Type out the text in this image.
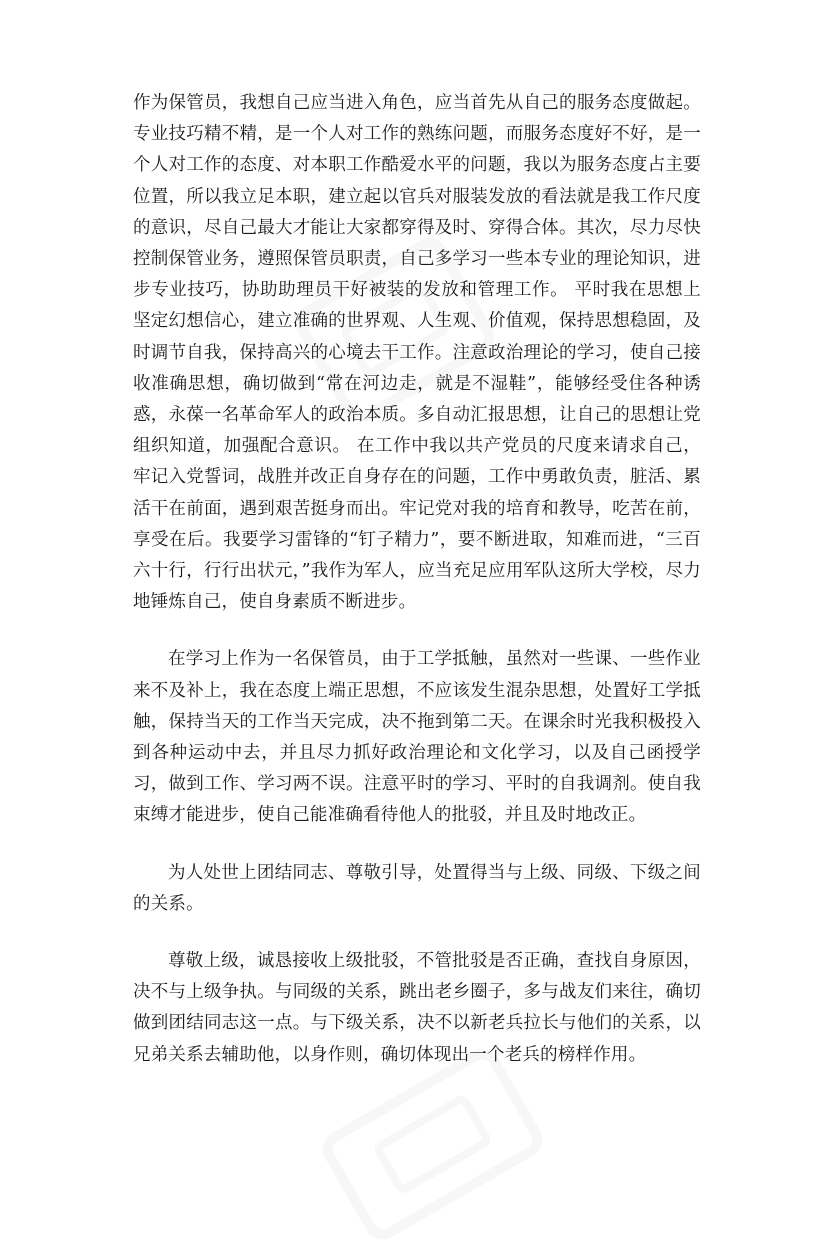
作为保管员，我想自己应当进入角色，应当首先从自己的服务态度做起。专业技巧精不精，是一个人对工作的熟练问题，而服务态度好不好，是一个人对工作的态度、对本职工作酷爱水平的问题，我以为服务态度占主要位置，所以我立足本职，建立起以官兵对服装发放的看法就是我工作尺度的意识，尽自己最大才能让大家都穿得及时、穿得合体。其次，尽力尽快控制保管业务，遵照保管员职责，自己多学习一些本专业的理论知识，进步专业技巧，协助助理员干好被装的发放和管理工作。 平时我在思想上坚定幻想信心，建立准确的世界观、人生观、价值观，保持思想稳固，及时调节自我，保持高兴的心境去干工作。注意政治理论的学习，使自己接收准确思想，确切做到“常在河边走，就是不湿鞋”，能够经受住各种诱惑，永葆一名革命军人的政治本质。多自动汇报思想，让自己的思想让党组织知道，加强配合意识。 在工作中我以共产党员的尺度来请求自己，牢记入党誓词，战胜并改正自身存在的问题，工作中勇敢负责，脏活、累活干在前面，遇到艰苦挺身而出。牢记党对我的培育和教导，吃苦在前，享受在后。我要学习雷锋的“钉子精力”，要不断进取，知难而进，“三百六十行，行行出状元，”我作为军人，应当充足应用军队这所大学校，尽力地锤炼自己，使自身素质不断进步。

在学习上作为一名保管员，由于工学抵触，虽然对一些课、一些作业来不及补上，我在态度上端正思想，不应该发生混杂思想，处置好工学抵触，保持当天的工作当天完成，决不拖到第二天。在课余时光我积极投入到各种运动中去，并且尽力抓好政治理论和文化学习，以及自己函授学习，做到工作、学习两不误。注意平时的学习、平时的自我调剂。使自我束缚才能进步，使自己能准确看待他人的批驳，并且及时地改正。

为人处世上团结同志、尊敬引导，处置得当与上级、同级、下级之间的关系。

尊敬上级，诚恳接收上级批驳，不管批驳是否正确，查找自身原因，决不与上级争执。与同级的关系，跳出老乡圈子，多与战友们来往，确切做到团结同志这一点。与下级关系，决不以新老兵拉长与他们的关系，以兄弟关系去辅助他，以身作则，确切体现出一个老兵的榜样作用。
